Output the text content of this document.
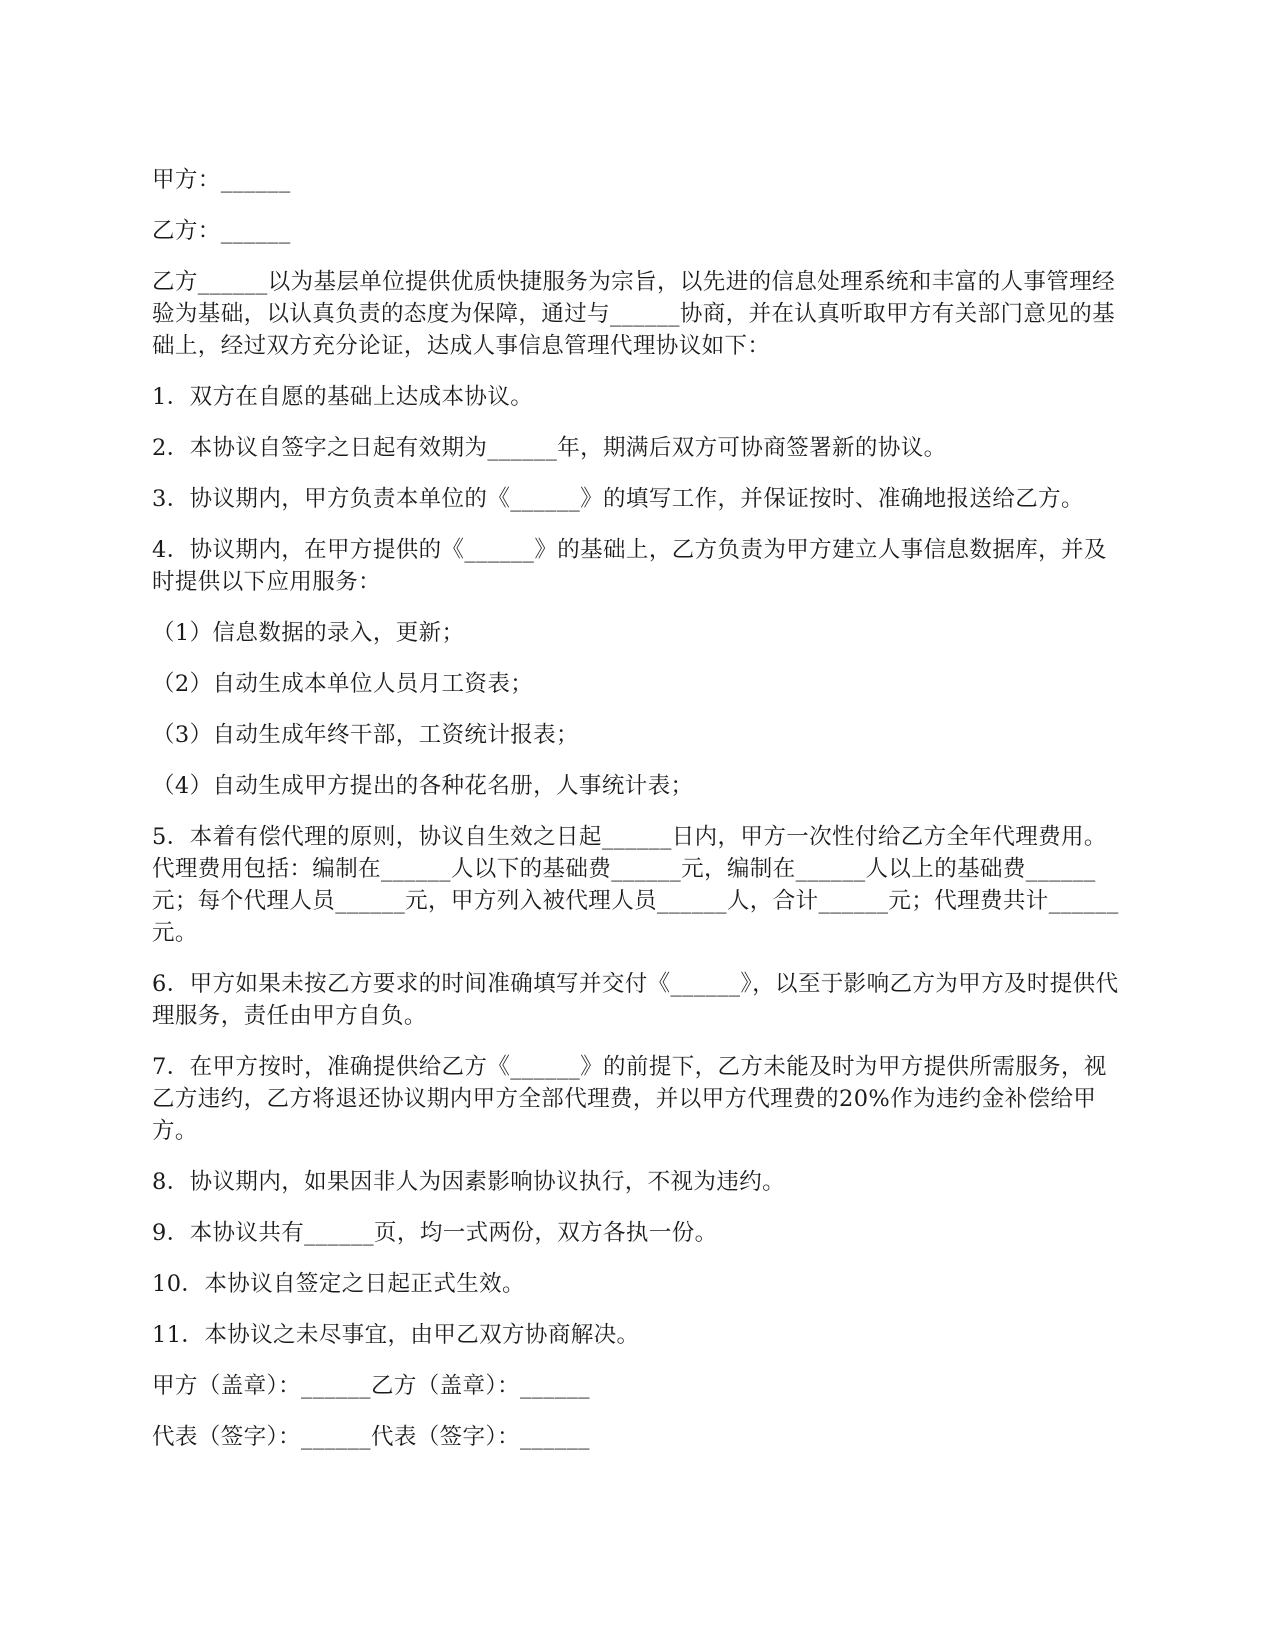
甲方：______

乙方：______

乙方______以为基层单位提供优质快捷服务为宗旨，以先进的信息处理系统和丰富的人事管理经验为基础，以认真负责的态度为保障，通过与______协商，并在认真听取甲方有关部门意见的基础上，经过双方充分论证，达成人事信息管理代理协议如下：

1．双方在自愿的基础上达成本协议。

2．本协议自签字之日起有效期为______年，期满后双方可协商签署新的协议。

3．协议期内，甲方负责本单位的《______》的填写工作，并保证按时、准确地报送给乙方。

4．协议期内，在甲方提供的《______》的基础上，乙方负责为甲方建立人事信息数据库，并及时提供以下应用服务：

（1）信息数据的录入，更新；

（2）自动生成本单位人员月工资表；

（3）自动生成年终干部，工资统计报表；

（4）自动生成甲方提出的各种花名册，人事统计表；

5．本着有偿代理的原则，协议自生效之日起______日内，甲方一次性付给乙方全年代理费用。代理费用包括：编制在______人以下的基础费______元，编制在______人以上的基础费______元；每个代理人员______元，甲方列入被代理人员______人，合计______元；代理费共计______元。

6．甲方如果未按乙方要求的时间准确填写并交付《______》，以至于影响乙方为甲方及时提供代理服务，责任由甲方自负。

7．在甲方按时，准确提供给乙方《______》的前提下，乙方未能及时为甲方提供所需服务，视乙方违约，乙方将退还协议期内甲方全部代理费，并以甲方代理费的20%作为违约金补偿给甲方。

8．协议期内，如果因非人为因素影响协议执行，不视为违约。

9．本协议共有______页，均一式两份，双方各执一份。

10．本协议自签定之日起正式生效。

11．本协议之未尽事宜，由甲乙双方协商解决。

甲方（盖章）：______乙方（盖章）：______

代表（签字）：______代表（签字）：______
